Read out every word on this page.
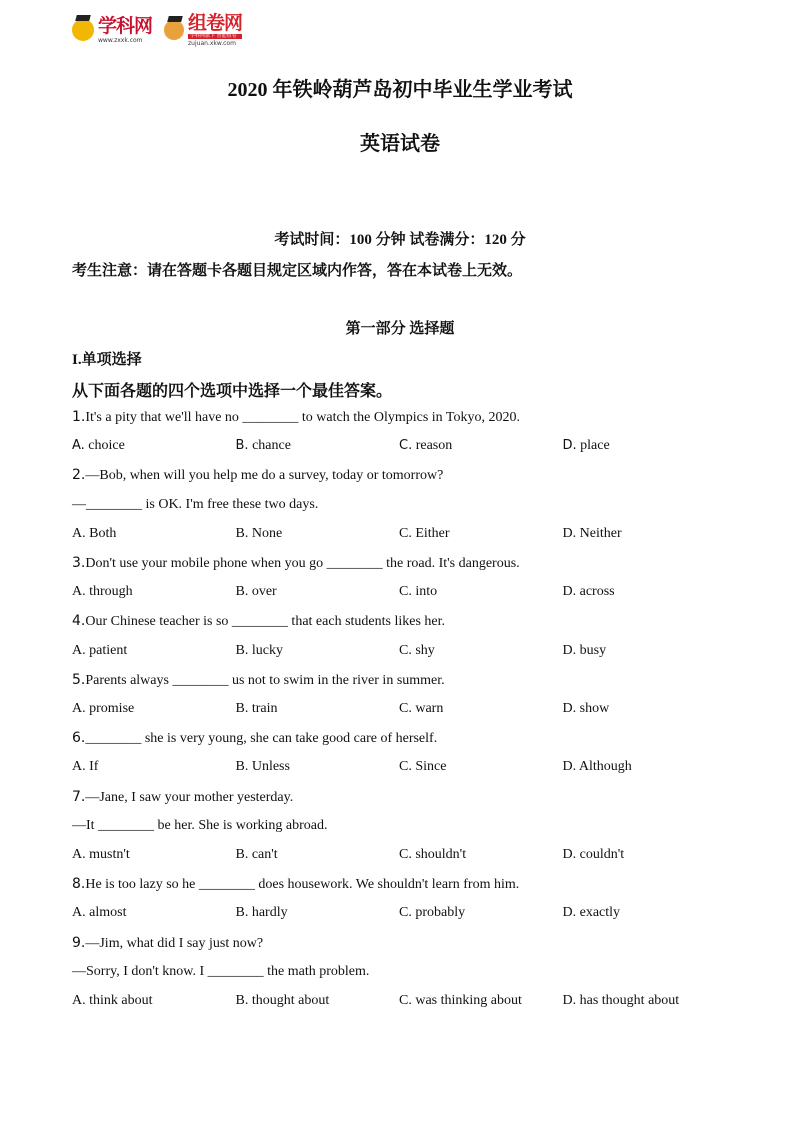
学科网
www.zxxk.com
组卷网
学科网旗下 智能组卷
zujuan.xkw.com
2020 年铁岭葫芦岛初中毕业生学业考试
英语试卷
考试时间：100 分钟 试卷满分：120 分
考生注意：请在答题卡各题目规定区域内作答，答在本试卷上无效。
第一部分 选择题
I.单项选择
从下面各题的四个选项中选择一个最佳答案。
1.It's a pity that we'll have no ________ to watch the Olympics in Tokyo, 2020.
A. choice	B. chance	C. reason	D. place
2.—Bob, when will you help me do a survey, today or tomorrow?
—________ is OK. I'm free these two days.
A. Both	B. None	C. Either	D. Neither
3.Don't use your mobile phone when you go ________ the road. It's dangerous.
A. through	B. over	C. into	D. across
4.Our Chinese teacher is so ________ that each students likes her.
A. patient	B. lucky	C. shy	D. busy
5.Parents always ________ us not to swim in the river in summer.
A. promise	B. train	C. warn	D. show
6.________ she is very young, she can take good care of herself.
A. If	B. Unless	C. Since	D. Although
7.—Jane, I saw your mother yesterday.
—It ________ be her. She is working abroad.
A. mustn't	B. can't	C. shouldn't	D. couldn't
8.He is too lazy so he ________ does housework. We shouldn't learn from him.
A. almost	B. hardly	C. probably	D. exactly
9.—Jim, what did I say just now?
—Sorry, I don't know. I ________ the math problem.
A. think about	B. thought about	C. was thinking about	D. has thought about
